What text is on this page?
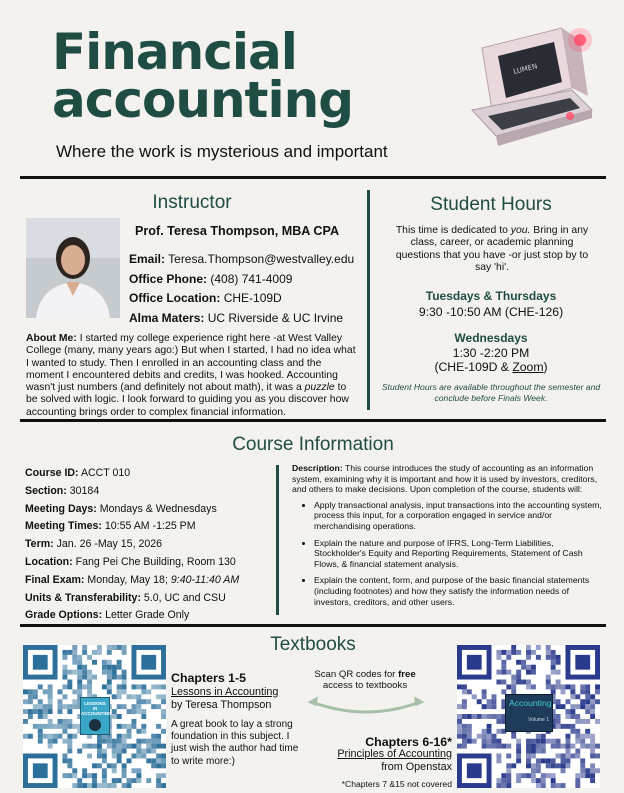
Financial
accounting
Where the work is mysterious and important
LUMEN
Instructor
Prof. Teresa Thompson, MBA CPA
Email: Teresa.Thompson@westvalley.edu
Office Phone: (408) 741-4009
Office Location: CHE-109D
Alma Maters: UC Riverside & UC Irvine
About Me: I started my college experience right here -at West Valley College (many, many years ago:) But when I started, I had no idea what I wanted to study. Then I enrolled in an accounting class and the moment I encountered debits and credits, I was hooked. Accounting wasn't just numbers (and definitely not about math), it was a puzzle to be solved with logic. I look forward to guiding you as you discover how accounting brings order to complex financial information.
Student Hours
This time is dedicated to you. Bring in any class, career, or academic planning questions that you have -or just stop by to say 'hi'.
Tuesdays & Thursdays
9:30 -10:50 AM (CHE-126)
Wednesdays
1:30 -2:20 PM
(CHE-109D & Zoom)
Student Hours are available throughout the semester and conclude before Finals Week.
Course Information
Course ID: ACCT 010
Section: 30184
Meeting Days: Mondays & Wednesdays
Meeting Times: 10:55 AM -1:25 PM
Term: Jan. 26 -May 15, 2026
Location: Fang Pei Che Building, Room 130
Final Exam: Monday, May 18; 9:40-11:40 AM
Units & Transferability: 5.0, UC and CSU
Grade Options: Letter Grade Only
Description: This course introduces the study of accounting as an information system, examining why it is important and how it is used by investors, creditors, and others to make decisions. Upon completion of the course, students will:
• Apply transactional analysis, input transactions into the accounting system, process this input, for a corporation engaged in service and/or merchandising operations.
• Explain the nature and purpose of IFRS, Long-Term Liabilities, Stockholder's Equity and Reporting Requirements, Statement of Cash Flows, & financial statement analysis.
• Explain the content, form, and purpose of the basic financial statements (including footnotes) and how they satisfy the information needs of investors, creditors, and other users.
Textbooks
Chapters 1-5
Lessons in Accounting
by Teresa Thompson
A great book to lay a strong foundation in this subject. I just wish the author had time to write more:)
Scan QR codes for free
access to textbooks
Chapters 6-16*
Principles of Accounting
from Openstax
*Chapters 7 &15 not covered
LESSONS
IN
ACCOUNTING
Accounting
Volume 1
